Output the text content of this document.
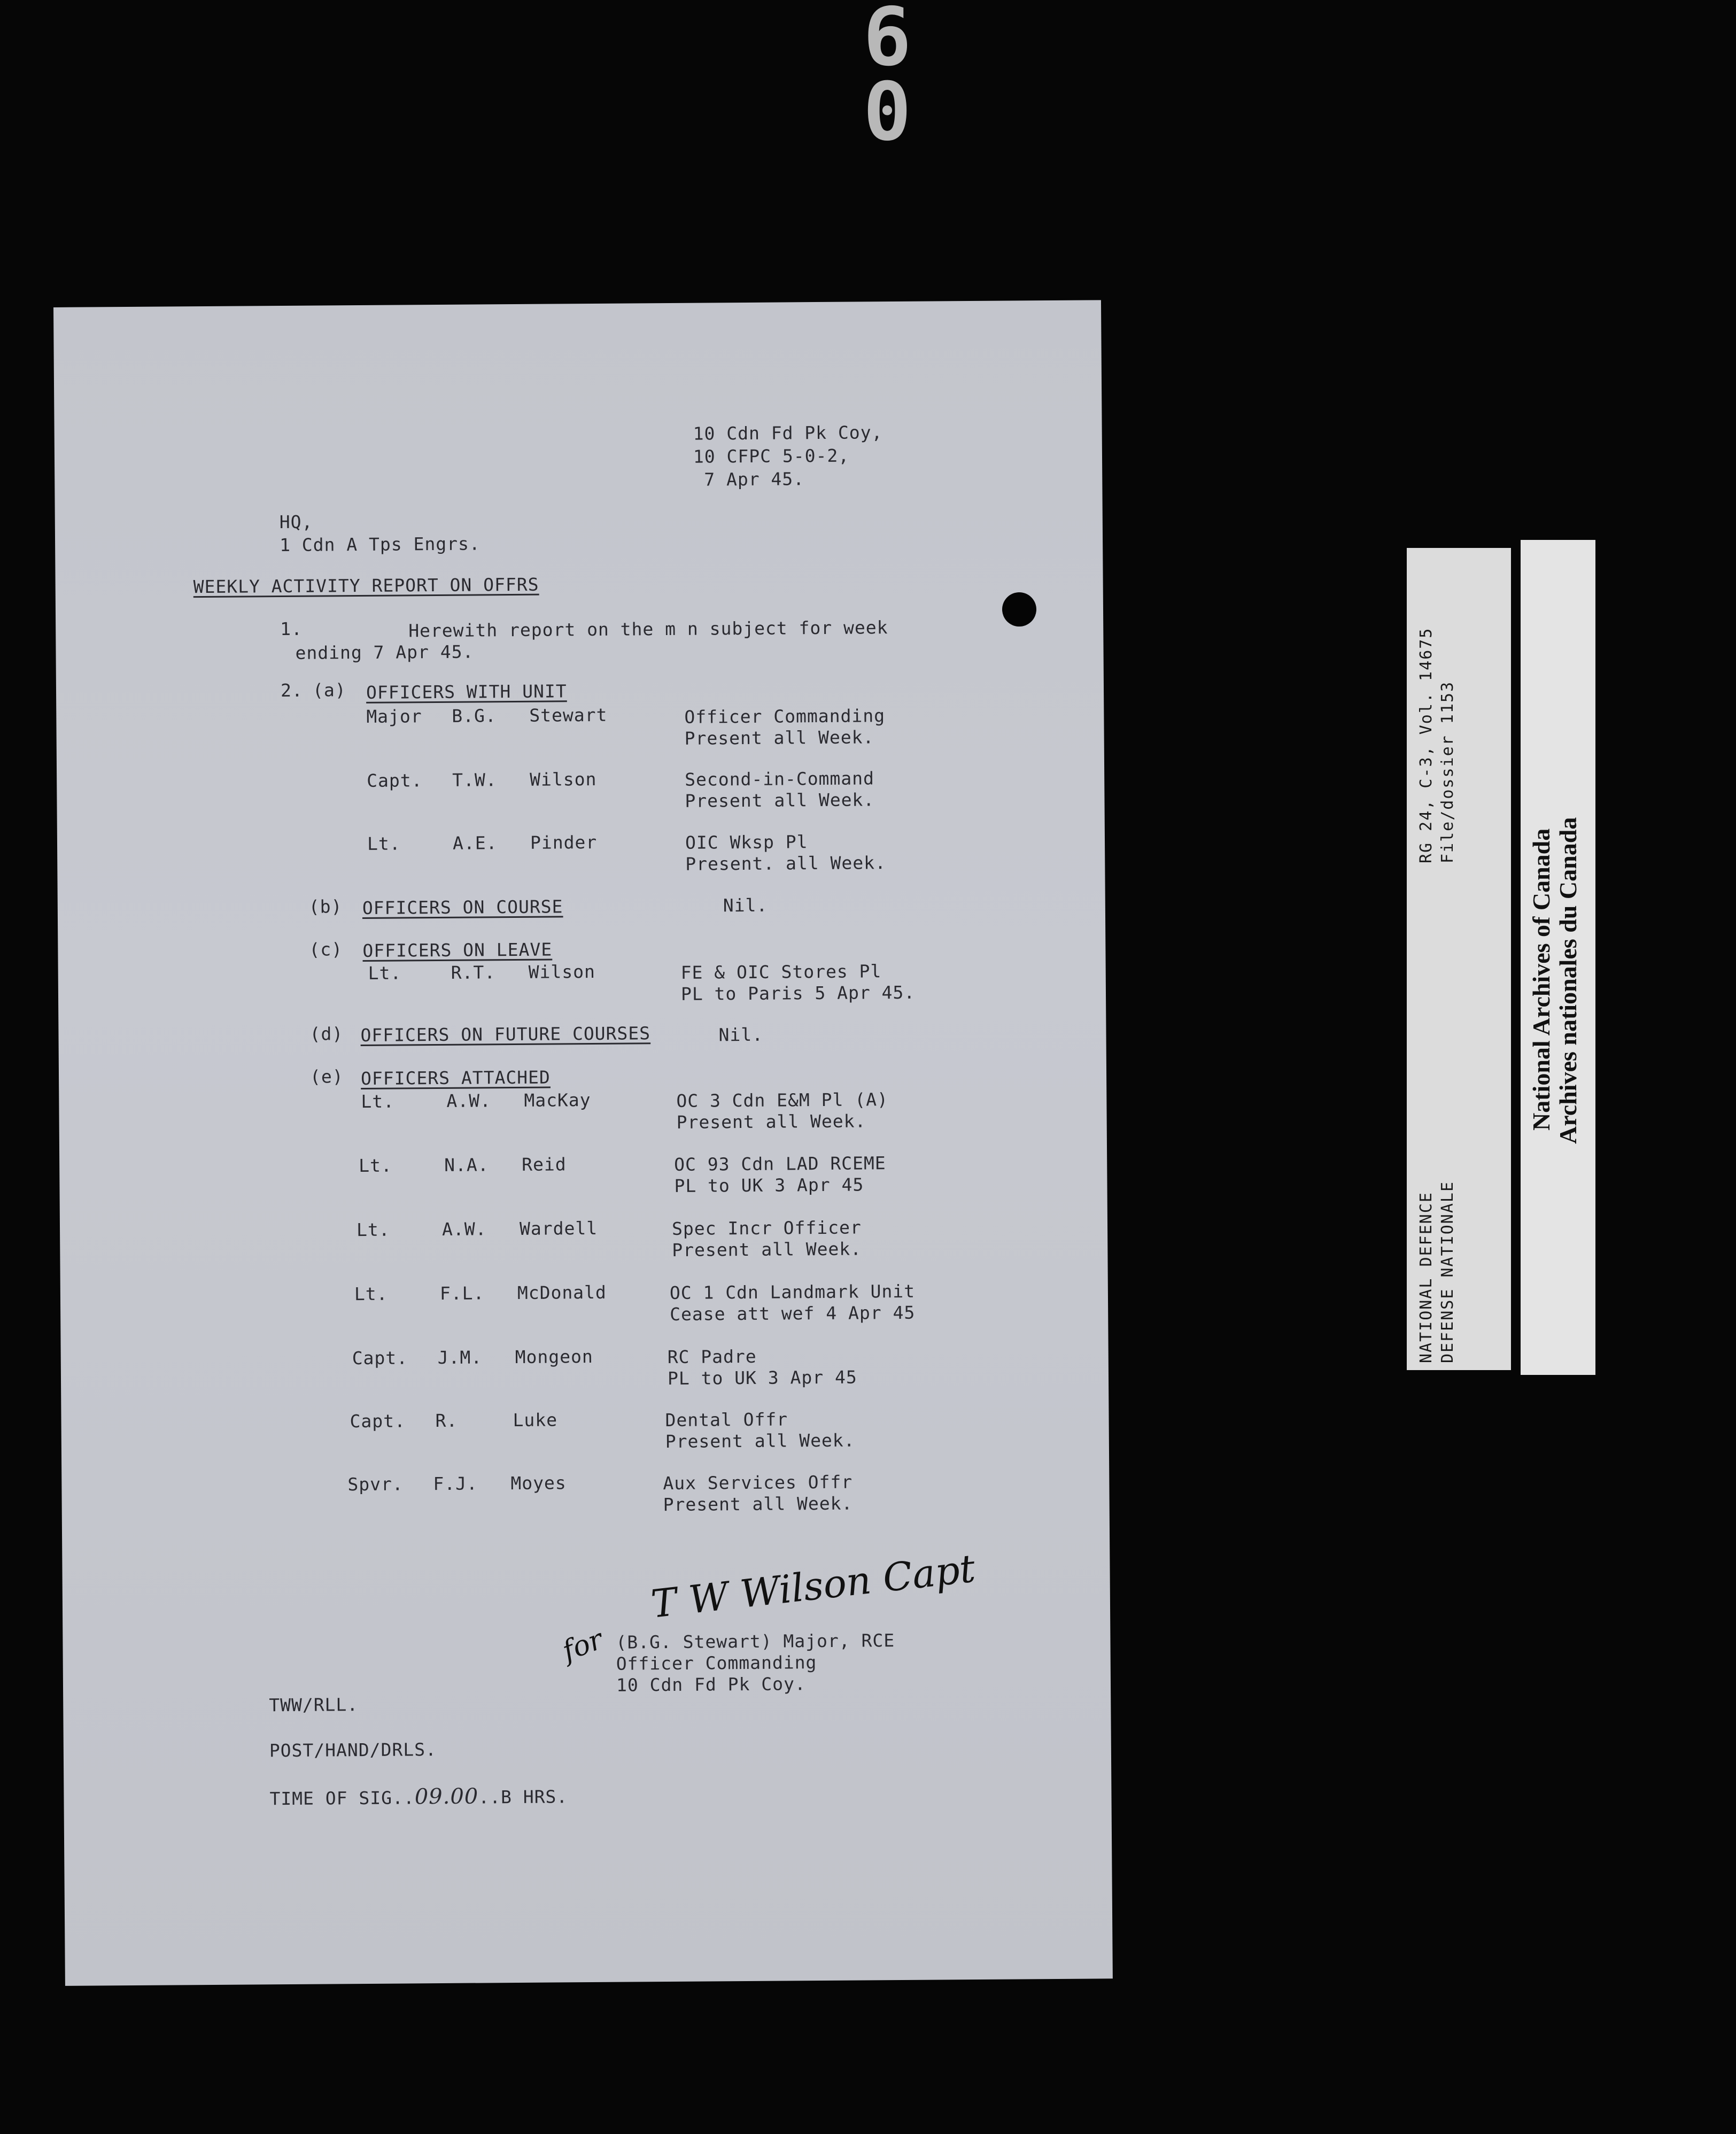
6 0
10 Cdn Fd Pk Coy,
10 CFPC 5-0-2,
7 Apr 45.
HQ,
1 Cdn A Tps Engrs.
WEEKLY ACTIVITY REPORT ON OFFRS
1.	Herewith report on the m n subject for week
ending 7 Apr 45.
2. (a) OFFICERS WITH UNIT
Major B.G. Stewart	Officer Commanding
Present all Week.
Capt. T.W. Wilson	Second-in-Command
Present all Week.
Lt.	A.E. Pinder	OIC Wksp Pl
Present. all Week.
(b) OFFICERS ON COURSE	Nil.
(c) OFFICERS ON LEAVE
Lt.	R.T. Wilson	FE & OIC Stores Pl
PL to Paris 5 Apr 45.
(d) OFFICERS ON FUTURE COURSES	Nil.
(e) OFFICERS ATTACHED
Lt.	A.W. MacKay	OC 3 Cdn E&M Pl (A)
Present all Week.
Lt.	N.A. Reid	OC 93 Cdn LAD RCEME
PL to UK 3 Apr 45
Lt.	A.W. Wardell	Spec Incr Officer
Present all Week.
Lt.	F.L. McDonald	OC 1 Cdn Landmark Unit
Cease att wef 4 Apr 45
Capt. J.M. Mongeon	RC Padre
PL to UK 3 Apr 45
Capt. R.	Luke	Dental Offr
Present all Week.
Spvr. F.J. Moyes	Aux Services Offr
Present all Week.
T W Wilson Capt
for (B.G. Stewart) Major, RCE
Officer Commanding
10 Cdn Fd Pk Coy.
TWW/RLL.
POST/HAND/DRLS.
TIME OF SIG..09.00..B HRS.
RG 24, C-3, Vol. 14675 File/dossier 1153
NATIONAL DEFENCE DEFENSE NATIONALE
National Archives of Canada Archives nationales du Canada
